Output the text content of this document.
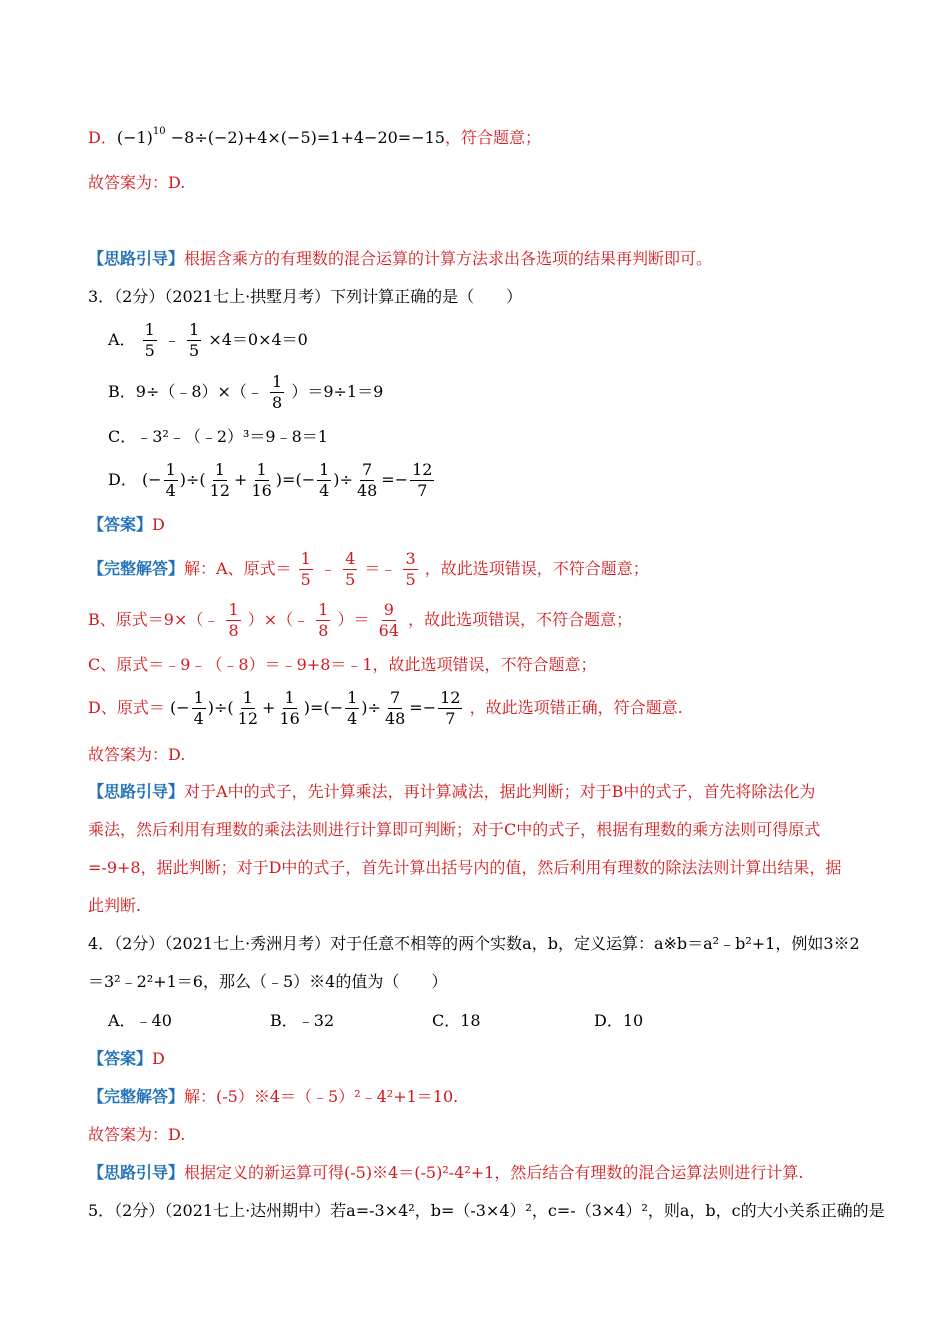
D．$(-1)^{10} -8\div(-2)+4\times(-5)=1+4-20=-15$，符合题意；
故答案为：D.
【思路引导】根据含乘方的有理数的混合运算的计算方法求出各选项的结果再判断即可。
3．（2分）（2021七上·拱墅月考）下列计算正确的是（　　）
A． $\frac{1}{5}$ ﹣ $\frac{1}{5} \times 4=0\times 4=0$
B．9÷（﹣8）×（﹣ $\frac{1}{8} )=9\div 1=9$
C．﹣3²﹣（﹣2）³＝9﹣8＝1
D． (− $\frac{1}{4}$ )÷( $\frac{1}{12} + \frac{1}{16}$ )=(− $\frac{1}{4}$ )÷ $\frac{7}{48} =- \frac{12}{7}$
【答案】D
【完整解答】解：A、原式＝ $\frac{1}{5}$ ﹣ $\frac{4}{5}$ ＝﹣ $\frac{3}{5}$ ，故此选项错误，不符合题意；
B、原式＝9×（﹣ $\frac{1}{8}$ ）×（﹣ $\frac{1}{8}$ ）＝ $\frac{9}{64}$ ，故此选项错误，不符合题意；
C、原式＝﹣9﹣（﹣8）＝﹣9+8＝﹣1，故此选项错误，不符合题意；
D、原式＝ (− $\frac{1}{4}$ )÷( $\frac{1}{12} + \frac{1}{16}$ )=(− $\frac{1}{4}$ )÷ $\frac{7}{48} =- \frac{12}{7}$ ，故此选项错正确，符合题意.
故答案为：D.
【思路引导】对于A中的式子，先计算乘法，再计算减法，据此判断；对于B中的式子，首先将除法化为
乘法，然后利用有理数的乘法法则进行计算即可判断；对于C中的式子，根据有理数的乘方法则可得原式
=-9+8，据此判断；对于D中的式子，首先计算出括号内的值，然后利用有理数的除法法则计算出结果，据
此判断.
4．（2分）（2021七上·秀洲月考）对于任意不相等的两个实数a，b，定义运算：a※b＝a²﹣b²+1，例如3※2
＝3²﹣2²+1＝6，那么（﹣5）※4的值为（　　）
A．﹣40	B．﹣32	C．18	D．10
【答案】D
【完整解答】解：(-5）※4＝（﹣5）²﹣4²+1＝10.
故答案为：D.
【思路引导】根据定义的新运算可得(-5)※4＝(-5)²-4²+1，然后结合有理数的混合运算法则进行计算.
5．（2分）（2021七上·达州期中）若a=-3×4²，b=（-3×4）²，c=-（3×4）²，则a，b，c的大小关系正确的是
